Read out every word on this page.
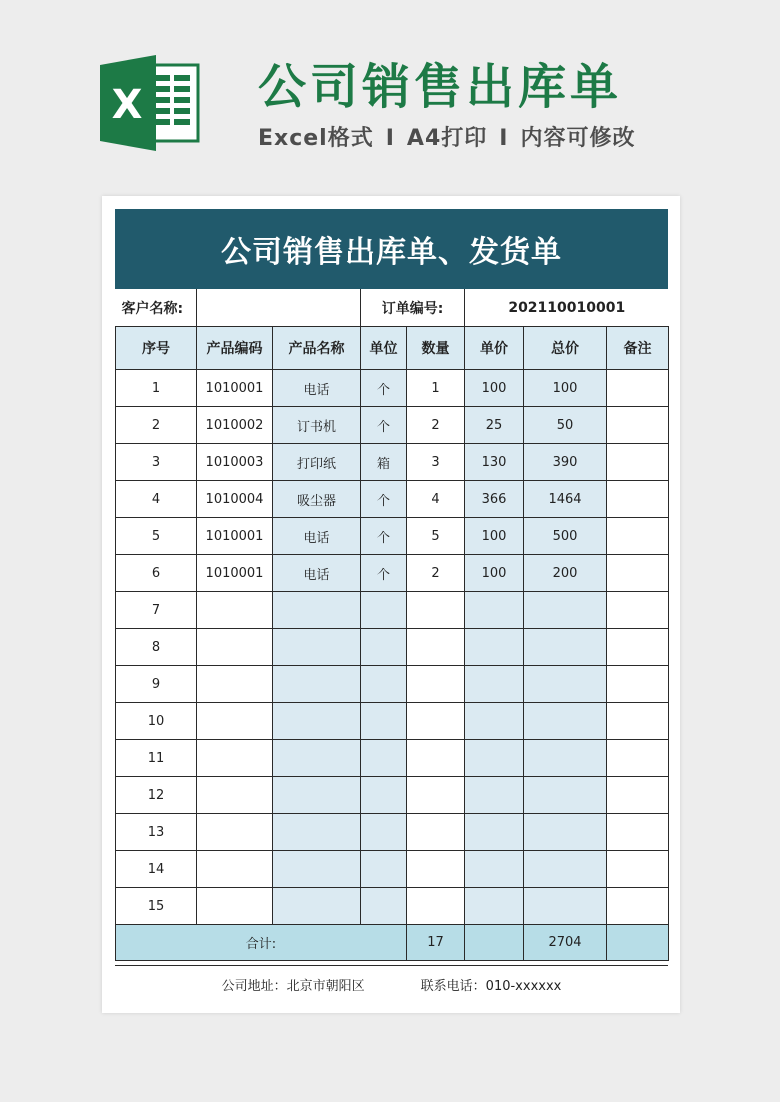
X 公司销售出库单
Excel格式 I A4打印 I 内容可修改
公司销售出库单、发货单
客户名称:			订单编号:		202110010001		
序号	产品编码	产品名称	单位	数量	单价	总价	备注
1	1010001	电话	个	1	100	100	
2	1010002	订书机	个	2	25	50	
3	1010003	打印纸	箱	3	130	390	
4	1010004	吸尘器	个	4	366	1464	
5	1010001	电话	个	5	100	500	
6	1010001	电话	个	2	100	200	
7							
8							
9							
10							
11							
12							
13							
14							
15							
合计:				17		2704	
公司地址：北京市朝阳区	联系电话：010-xxxxxx
